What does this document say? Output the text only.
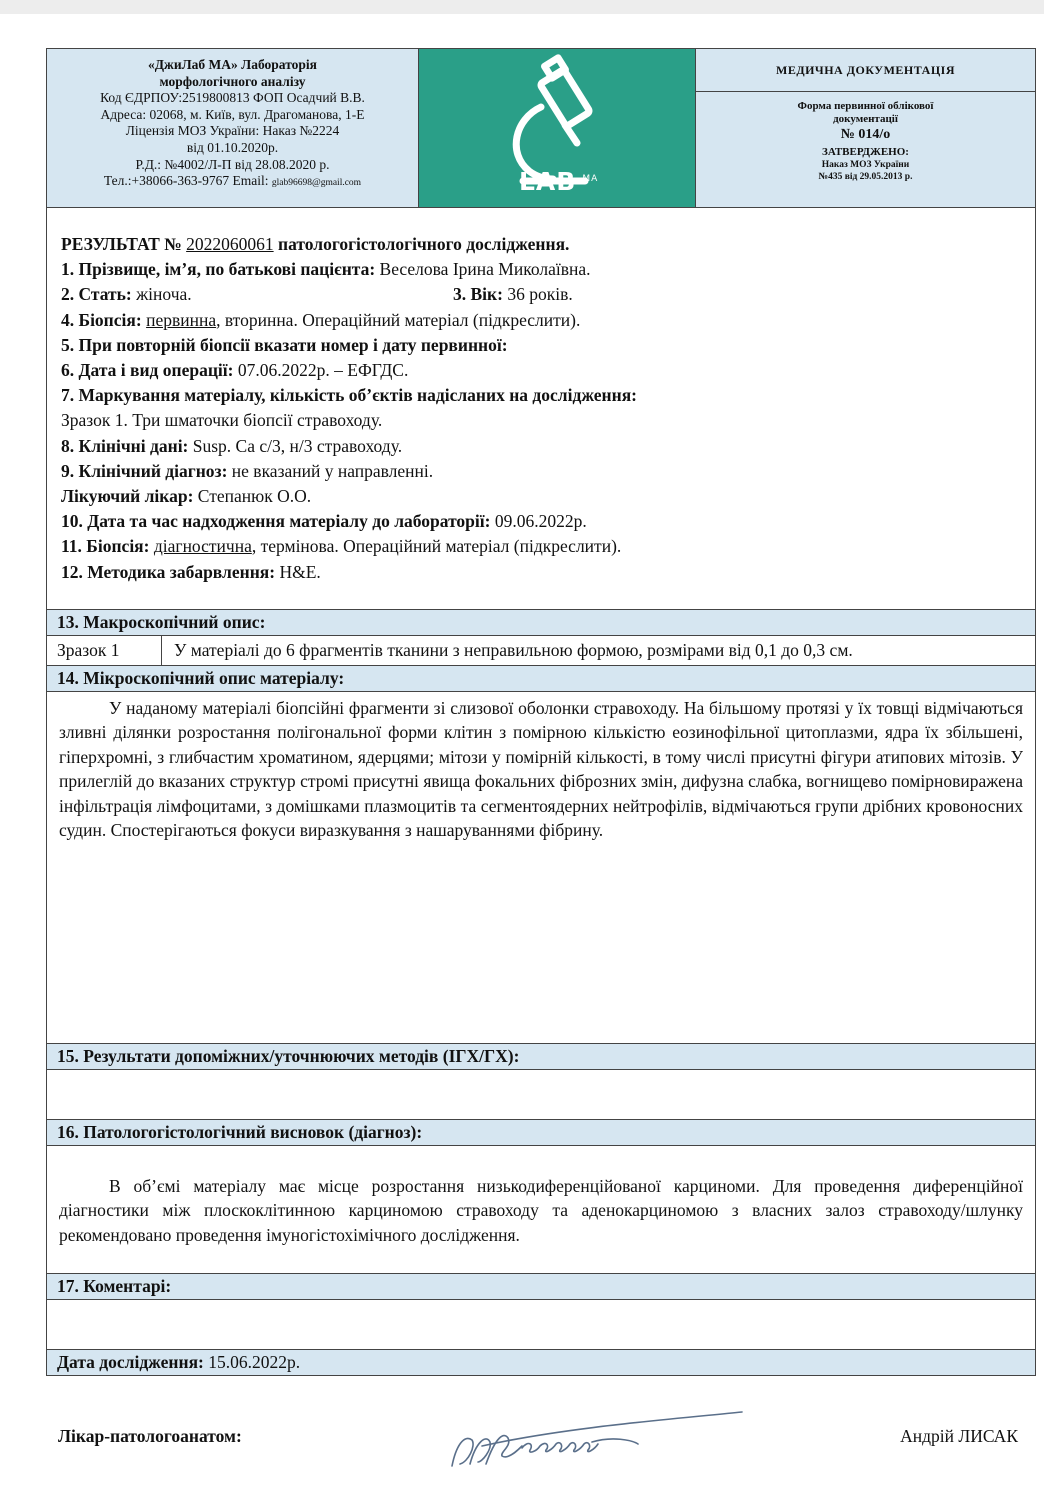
«ДжиЛаб МА» Лабораторія
морфологічного аналізу
Код ЄДРПОУ:2519800813 ФОП Осадчий В.В.
Адреса: 02068, м. Київ, вул. Драгоманова, 1-Е
Ліцензія МОЗ України: Наказ №2224
від 01.10.2020р.
Р.Д.: №4002/Л-П від 28.08.2020 р.
Тел.:+38066-363-9767 Email: glab96698@gmail.com	LAB $^{MA}$
МЕДИЧНА ДОКУМЕНТАЦІЯ
Форма первинної облікової
документації
№ 014/о
ЗАТВЕРДЖЕНО:
Наказ МОЗ України
№435 від 29.05.2013 р.
РЕЗУЛЬТАТ № 2022060061 патологогістологічного дослідження.
1. Прізвище, ім’я, по батькові пацієнта: Веселова Ірина Миколаївна.
2. Стать: жіноча.	3. Вік: 36 років.
4. Біопсія: первинна, вторинна. Операційний матеріал (підкреслити).
5. При повторній біопсії вказати номер і дату первинної:
6. Дата і вид операції: 07.06.2022р. – ЕФГДС.
7. Маркування матеріалу, кількість об’єктів надісланих на дослідження:
Зразок 1. Три шматочки біопсії стравоходу.
8. Клінічні дані: Susp. Ca с/3, н/3 стравоходу.
9. Клінічний діагноз: не вказаний у направленні.
Лікуючий лікар: Степанюк О.О.
10. Дата та час надходження матеріалу до лабораторії: 09.06.2022р.
11. Біопсія: діагностична, термінова. Операційний матеріал (підкреслити).
12. Методика забарвлення: H&E.
13. Макроскопічний опис:
Зразок 1	У матеріалі до 6 фрагментів тканини з неправильною формою, розмірами від 0,1 до 0,3 см.
14. Мікроскопічний опис матеріалу:

У наданому матеріалі біопсійні фрагменти зі слизової оболонки стравоходу. На більшому протязі у їх товщі відмічаються зливні ділянки розростання полігональної форми клітин з помірною кількістю еозинофільної цитоплазми, ядра їх збільшені, гіперхромні, з глибчастим хроматином, ядерцями; мітози у помірній кількості, в тому числі присутні фігури атипових мітозів. У прилеглій до вказаних структур стромі присутні явища фокальних фіброзних змін, дифузна слабка, вогнищево помірновиражена інфільтрація лімфоцитами, з домішками плазмоцитів та сегментоядерних нейтрофілів, відмічаються групи дрібних кровоносних судин. Спостерігаються фокуси виразкування з нашаруваннями фібрину.

15. Результати допоміжних/уточнюючих методів (ІГХ/ГХ):
16. Патологогістологічний висновок (діагноз):

В об’ємі матеріалу має місце розростання низькодиференційованої карциноми. Для проведення диференційної діагностики між плоскоклітинною карциномою стравоходу та аденокарциномою з власних залоз стравоходу/шлунку рекомендовано проведення імуногістохімічного дослідження.

17. Коментарі:
Дата дослідження: 15.06.2022р.
Лікар-патологоанатом:	Андрій ЛИСАК
